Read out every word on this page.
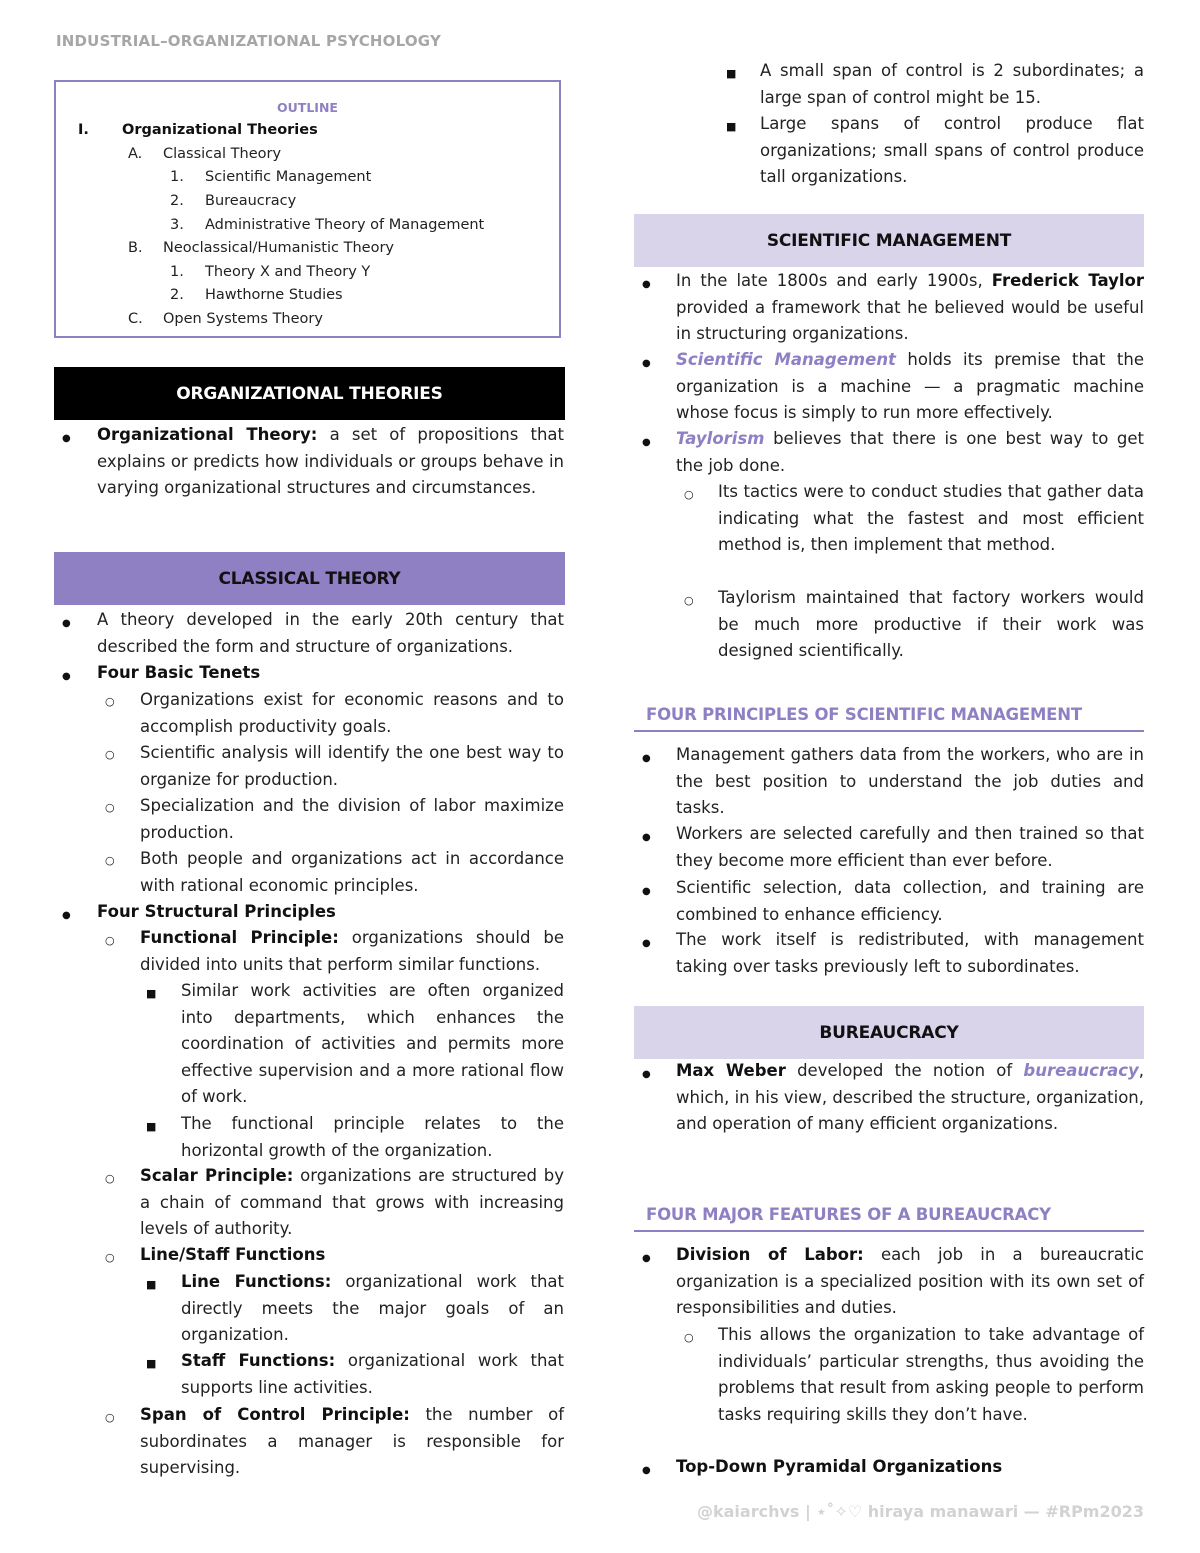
INDUSTRIAL–ORGANIZATIONAL PSYCHOLOGY
OUTLINE
I. Organizational Theories
A. Classical Theory
1. Scientific Management
2. Bureaucracy
3. Administrative Theory of Management
B. Neoclassical/Humanistic Theory
1. Theory X and Theory Y
2. Hawthorne Studies
C. Open Systems Theory
ORGANIZATIONAL THEORIES
●
Organizational Theory: a set of propositions that explains or predicts how individuals or groups behave in varying organizational structures and circumstances.
CLASSICAL THEORY
●
A theory developed in the early 20th century that described the form and structure of organizations.
●
Four Basic Tenets
○
Organizations exist for economic reasons and to accomplish productivity goals.
○
Scientific analysis will identify the one best way to organize for production.
○
Specialization and the division of labor maximize production.
○
Both people and organizations act in accordance with rational economic principles.
●
Four Structural Principles
○
Functional Principle: organizations should be divided into units that perform similar functions.
■
Similar work activities are often organized into departments, which enhances the coordination of activities and permits more effective supervision and a more rational flow of work.
■
The functional principle relates to the horizontal growth of the organization.
○
Scalar Principle: organizations are structured by a chain of command that grows with increasing levels of authority.
○
Line/Staff Functions
■
Line Functions: organizational work that directly meets the major goals of an organization.
■
Staff Functions: organizational work that supports line activities.
○
Span of Control Principle: the number of subordinates a manager is responsible for supervising.
■
A small span of control is 2 subordinates; a large span of control might be 15.
■
Large spans of control produce flat organizations; small spans of control produce tall organizations.
SCIENTIFIC MANAGEMENT
●
In the late 1800s and early 1900s, Frederick Taylor provided a framework that he believed would be useful in structuring organizations.
●
Scientific Management holds its premise that the organization is a machine — a pragmatic machine whose focus is simply to run more effectively.
●
Taylorism believes that there is one best way to get the job done.
○
Its tactics were to conduct studies that gather data indicating what the fastest and most efficient method is, then implement that method.
○
Taylorism maintained that factory workers would be much more productive if their work was designed scientifically.
FOUR PRINCIPLES OF SCIENTIFIC MANAGEMENT
●
Management gathers data from the workers, who are in the best position to understand the job duties and tasks.
●
Workers are selected carefully and then trained so that they become more efficient than ever before.
●
Scientific selection, data collection, and training are combined to enhance efficiency.
●
The work itself is redistributed, with management taking over tasks previously left to subordinates.
BUREAUCRACY
●
Max Weber developed the notion of bureaucracy, which, in his view, described the structure, organization, and operation of many efficient organizations.
FOUR MAJOR FEATURES OF A BUREAUCRACY
●
Division of Labor: each job in a bureaucratic organization is a specialized position with its own set of responsibilities and duties.
○
This allows the organization to take advantage of individuals’ particular strengths, thus avoiding the problems that result from asking people to perform tasks requiring skills they don’t have.
●
Top-Down Pyramidal Organizations
@kaiarchvs | ⋆˚✧♡ hiraya manawari — #RPm2023
